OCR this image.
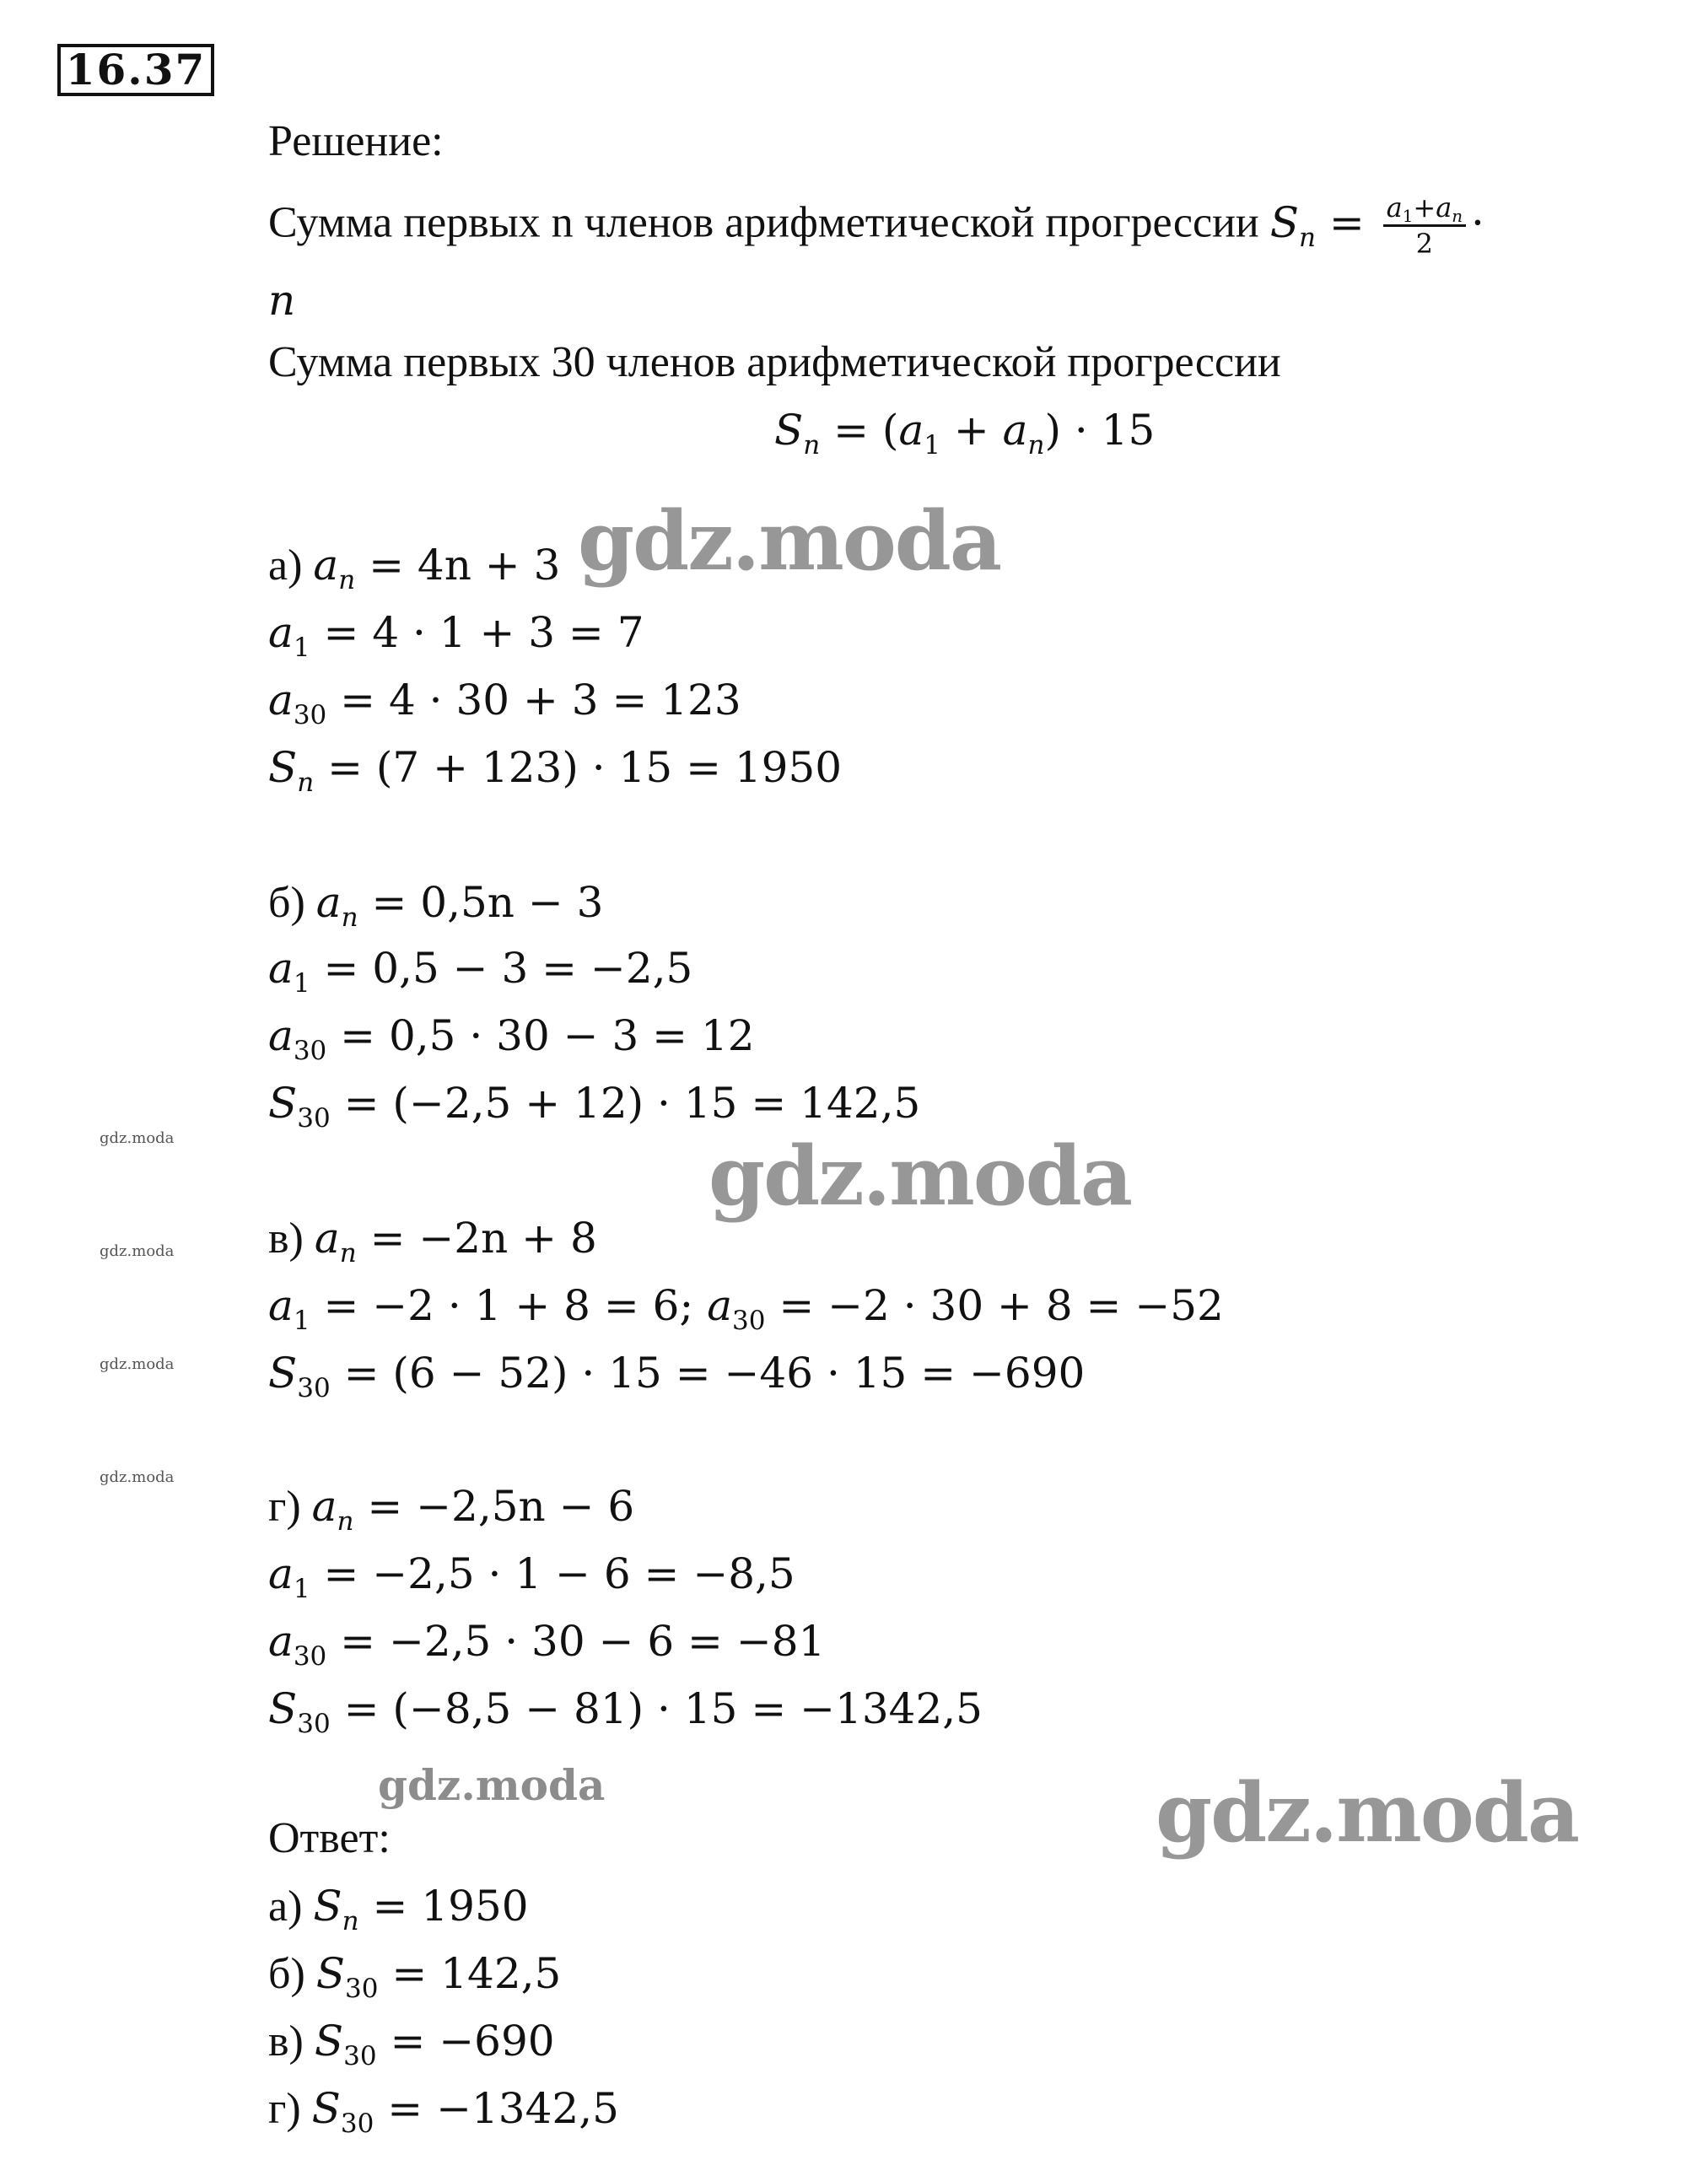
16.37
Решение:
Сумма первых n членов арифметической прогрессии $S_n = \frac{a_1+a_n}{2}$ ·
n
Сумма первых 30 членов арифметической прогрессии
$S_n = (a_1 + a_n) \cdot 15$
а) $a_n = 4n + 3$
$a_1 = 4 \cdot 1 + 3 = 7$
$a_{30} = 4 \cdot 30 + 3 = 123$
$S_n = (7 + 123) \cdot 15 = 1950$
б) $a_n = 0,5n - 3$
$a_1 = 0,5 - 3 = -2,5$
$a_{30} = 0,5 \cdot 30 - 3 = 12$
$S_{30} = (-2,5 + 12) \cdot 15 = 142,5$
в) $a_n = -2n + 8$
$a_1 = -2 \cdot 1 + 8 = 6$; $a_{30} = -2 \cdot 30 + 8 = -52$
$S_{30} = (6 - 52) \cdot 15 = -46 \cdot 15 = -690$
г) $a_n = -2,5n - 6$
$a_1 = -2,5 \cdot 1 - 6 = -8,5$
$a_{30} = -2,5 \cdot 30 - 6 = -81$
$S_{30} = (-8,5 - 81) \cdot 15 = -1342,5$
Ответ:
а) $S_n = 1950$
б) $S_{30} = 142,5$
в) $S_{30} = -690$
г) $S_{30} = -1342,5$
gdz.moda
gdz.moda
gdz.moda
gdz.moda
gdz.moda
gdz.moda
gdz.moda
gdz.moda
